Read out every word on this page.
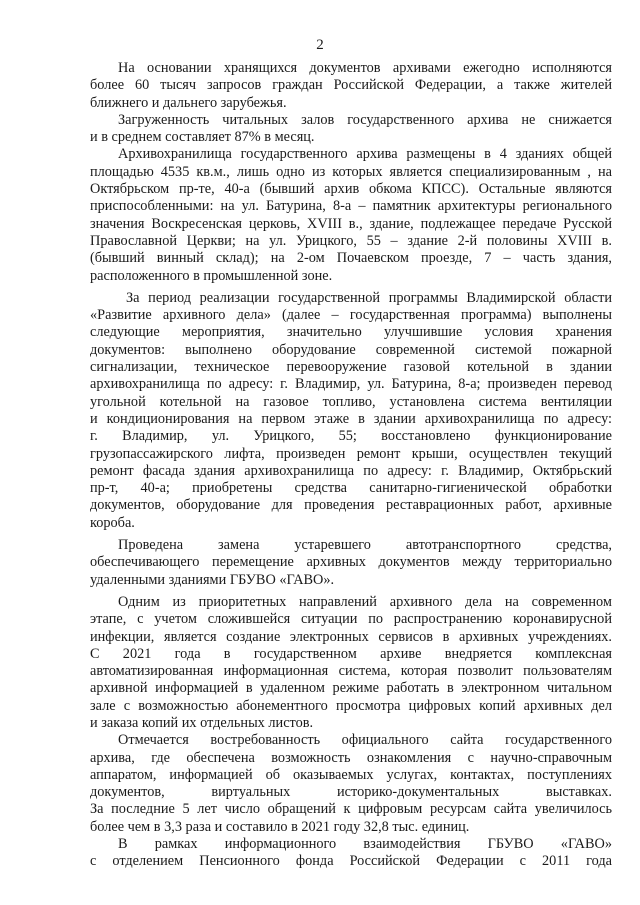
2
На основании хранящихся документов архивами ежегодно исполняются
более 60 тысяч запросов граждан Российской Федерации, а также жителей
ближнего и дальнего зарубежья.
Загруженность читальных залов государственного архива не снижается
и в среднем составляет 87% в месяц.
Архивохранилища государственного архива размещены в 4 зданиях общей
площадью 4535 кв.м., лишь одно из которых является специализированным , на
Октябрьском пр-те, 40-а (бывший архив обкома КПСС). Остальные являются
приспособленными: на ул. Батурина, 8-а – памятник архитектуры регионального
значения Воскресенская церковь, XVIII в., здание, подлежащее передаче Русской
Православной Церкви; на ул. Урицкого, 55 – здание 2-й половины XVIII в.
(бывший винный склад); на 2-ом Почаевском проезде, 7 – часть здания,
расположенного в промышленной зоне.
За период реализации государственной программы Владимирской области
«Развитие архивного дела» (далее – государственная программа) выполнены
следующие мероприятия, значительно улучшившие условия хранения
документов: выполнено оборудование современной системой пожарной
сигнализации, техническое перевооружение газовой котельной в здании
архивохранилища по адресу: г. Владимир, ул. Батурина, 8-а; произведен перевод
угольной котельной на газовое топливо, установлена система вентиляции
и кондиционирования на первом этаже в здании архивохранилища по адресу:
г. Владимир, ул. Урицкого, 55; восстановлено функционирование
грузопассажирского лифта, произведен ремонт крыши, осуществлен текущий
ремонт фасада здания архивохранилища по адресу: г. Владимир, Октябрьский
пр-т, 40-а; приобретены средства санитарно-гигиенической обработки
документов, оборудование для проведения реставрационных работ, архивные
короба.
Проведена замена устаревшего автотранспортного средства,
обеспечивающего перемещение архивных документов между территориально
удаленными зданиями ГБУВО «ГАВО».
Одним из приоритетных направлений архивного дела на современном
этапе, с учетом сложившейся ситуации по распространению коронавирусной
инфекции, является создание электронных сервисов в архивных учреждениях.
С 2021 года в государственном архиве внедряется комплексная
автоматизированная информационная система, которая позволит пользователям
архивной информацией в удаленном режиме работать в электронном читальном
зале с возможностью абонементного просмотра цифровых копий архивных дел
и заказа копий их отдельных листов.
Отмечается востребованность официального сайта государственного
архива, где обеспечена возможность ознакомления с научно-справочным
аппаратом, информацией об оказываемых услугах, контактах, поступлениях
документов, виртуальных историко-документальных выставках.
За последние 5 лет число обращений к цифровым ресурсам сайта увеличилось
более чем в 3,3 раза и составило в 2021 году 32,8 тыс. единиц.
В рамках информационного взаимодействия ГБУВО «ГАВО»
с отделением Пенсионного фонда Российской Федерации с 2011 года
